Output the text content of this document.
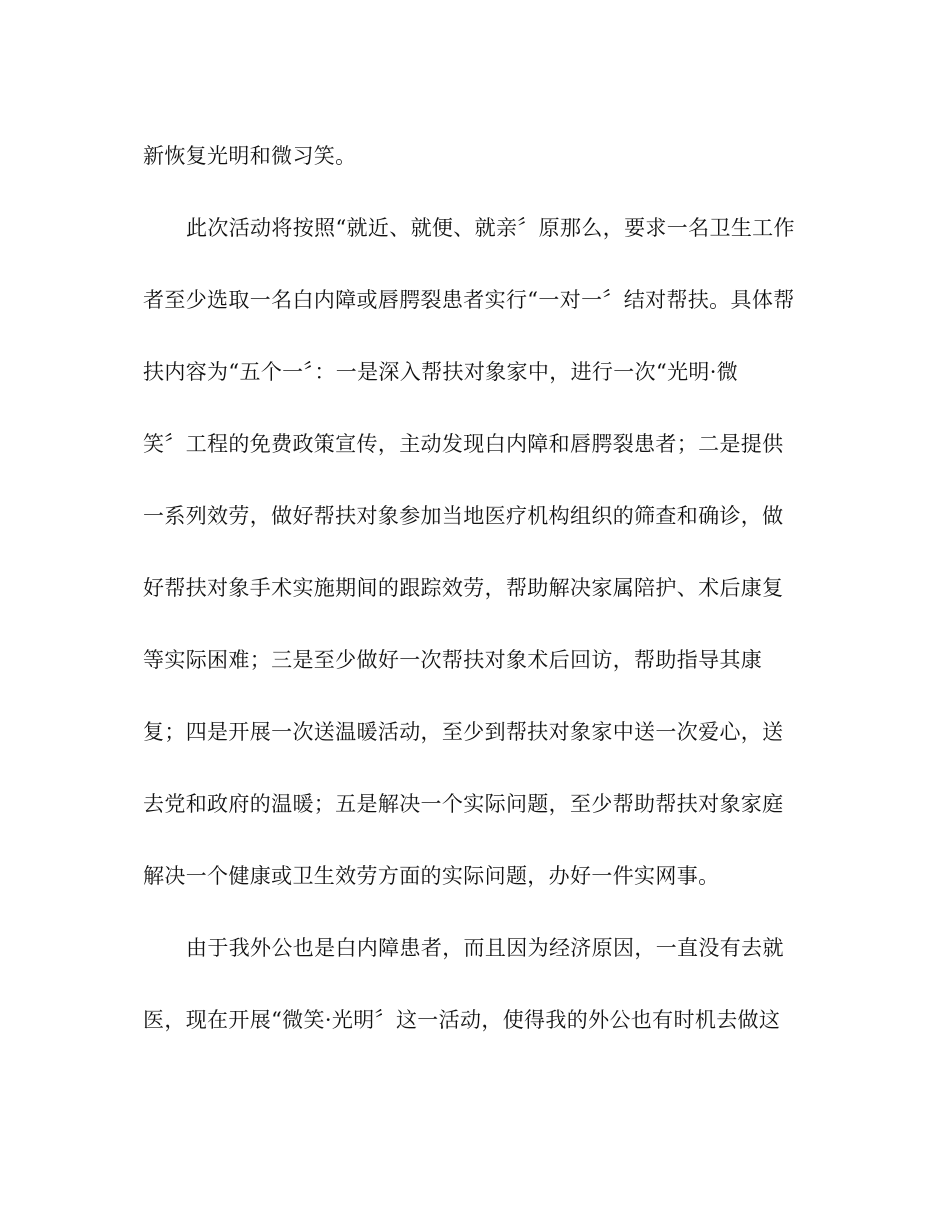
新恢复光明和微习笑。
此次活动将按照“就近、就便、就亲〞原那么，要求一名卫生工作
者至少选取一名白内障或唇腭裂患者实行“一对一〞结对帮扶。具体帮
扶内容为“五个一〞：一是深入帮扶对象家中，进行一次“光明·微
笑〞工程的免费政策宣传，主动发现白内障和唇腭裂患者；二是提供
一系列效劳，做好帮扶对象参加当地医疗机构组织的筛查和确诊，做
好帮扶对象手术实施期间的跟踪效劳，帮助解决家属陪护、术后康复
等实际困难；三是至少做好一次帮扶对象术后回访，帮助指导其康
复；四是开展一次送温暖活动，至少到帮扶对象家中送一次爱心，送
去党和政府的温暖；五是解决一个实际问题，至少帮助帮扶对象家庭
解决一个健康或卫生效劳方面的实际问题，办好一件实网事。
由于我外公也是白内障患者，而且因为经济原因，一直没有去就
医，现在开展“微笑·光明〞这一活动，使得我的外公也有时机去做这
